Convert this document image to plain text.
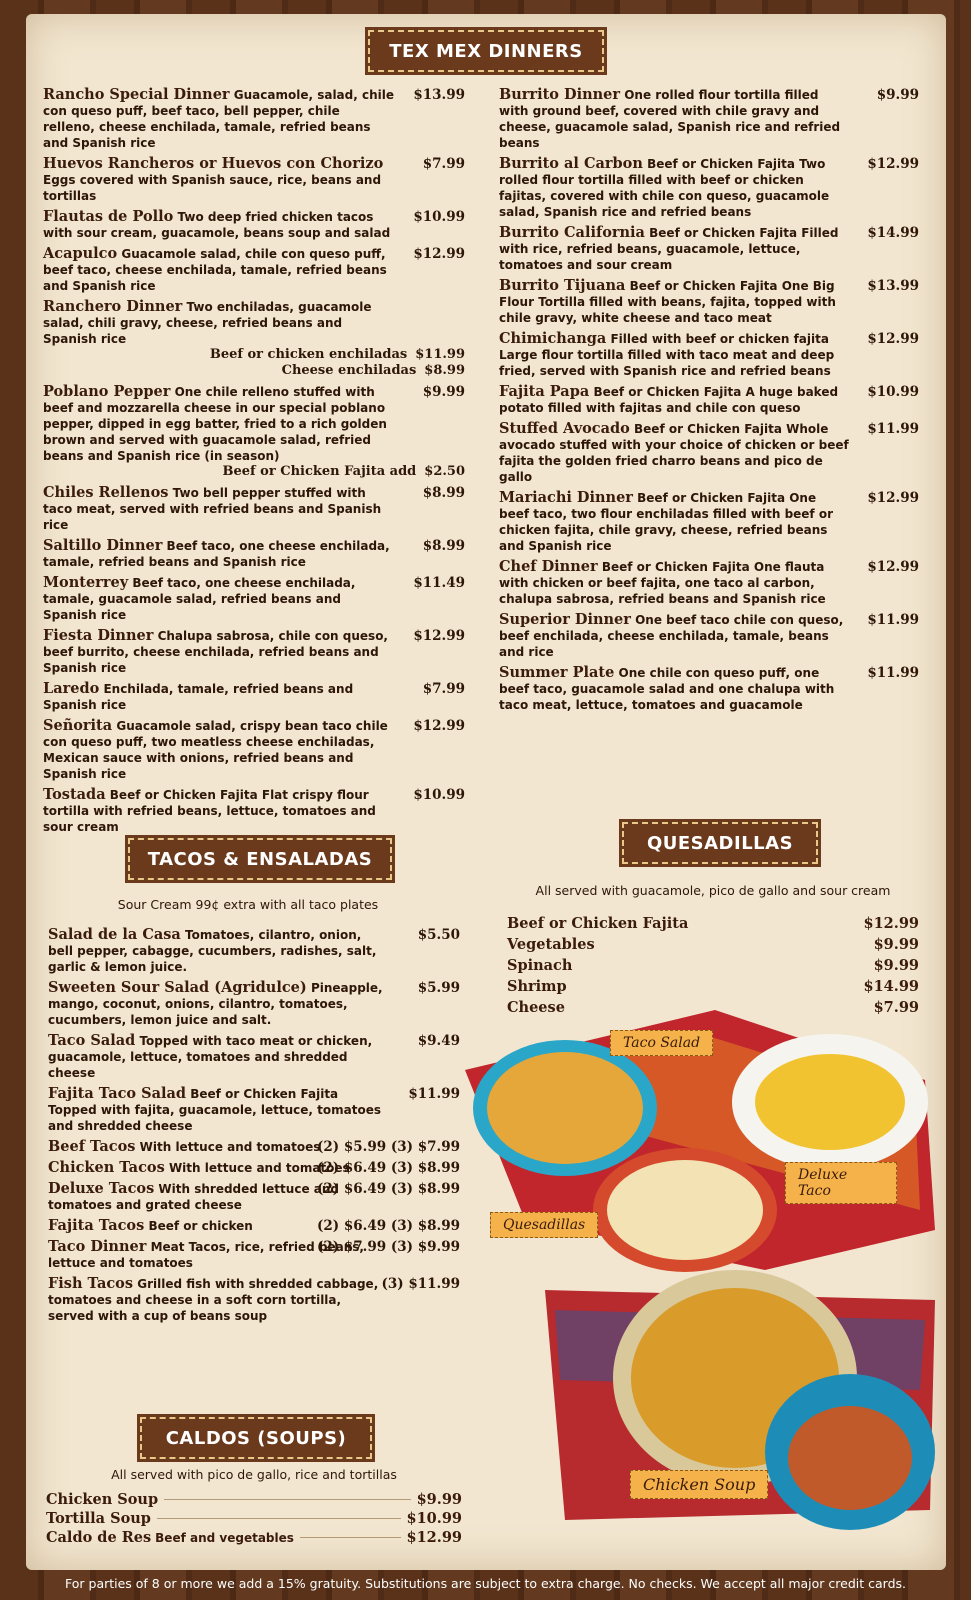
TEX MEX DINNERS
Rancho Special Dinner Guacamole, salad, chile con queso puff, beef taco, bell pepper, chile relleno, cheese enchilada, tamale, refried beans and Spanish rice
$13.99
Huevos Rancheros or Huevos con Chorizo Eggs covered with Spanish sauce, rice, beans and tortillas
$7.99
Flautas de Pollo Two deep fried chicken tacos with sour cream, guacamole, beans soup and salad
$10.99
Acapulco Guacamole salad, chile con queso puff, beef taco, cheese enchilada, tamale, refried beans and Spanish rice
$12.99
Ranchero Dinner Two enchiladas, guacamole salad, chili gravy, cheese, refried beans and Spanish rice
Beef or chicken enchiladas $11.99
Cheese enchiladas $8.99
Poblano Pepper One chile relleno stuffed with beef and mozzarella cheese in our special poblano pepper, dipped in egg batter, fried to a rich golden brown and served with guacamole salad, refried beans and Spanish rice (in season)
$9.99
Beef or Chicken Fajita add $2.50
Chiles Rellenos Two bell pepper stuffed with taco meat, served with refried beans and Spanish rice
$8.99
Saltillo Dinner Beef taco, one cheese enchilada, tamale, refried beans and Spanish rice
$8.99
Monterrey Beef taco, one cheese enchilada, tamale, guacamole salad, refried beans and Spanish rice
$11.49
Fiesta Dinner Chalupa sabrosa, chile con queso, beef burrito, cheese enchilada, refried beans and Spanish rice
$12.99
Laredo Enchilada, tamale, refried beans and Spanish rice
$7.99
Señorita Guacamole salad, crispy bean taco chile con queso puff, two meatless cheese enchiladas, Mexican sauce with onions, refried beans and Spanish rice
$12.99
Tostada Beef or Chicken Fajita Flat crispy flour tortilla with refried beans, lettuce, tomatoes and sour cream
$10.99
Burrito Dinner One rolled flour tortilla filled with ground beef, covered with chile gravy and cheese, guacamole salad, Spanish rice and refried beans
$9.99
Burrito al Carbon Beef or Chicken Fajita Two rolled flour tortilla filled with beef or chicken fajitas, covered with chile con queso, guacamole salad, Spanish rice and refried beans
$12.99
Burrito California Beef or Chicken Fajita Filled with rice, refried beans, guacamole, lettuce, tomatoes and sour cream
$14.99
Burrito Tijuana Beef or Chicken Fajita One Big Flour Tortilla filled with beans, fajita, topped with chile gravy, white cheese and taco meat
$13.99
Chimichanga Filled with beef or chicken fajita Large flour tortilla filled with taco meat and deep fried, served with Spanish rice and refried beans
$12.99
Fajita Papa Beef or Chicken Fajita A huge baked potato filled with fajitas and chile con queso
$10.99
Stuffed Avocado Beef or Chicken Fajita Whole avocado stuffed with your choice of chicken or beef fajita the golden fried charro beans and pico de gallo
$11.99
Mariachi Dinner Beef or Chicken Fajita One beef taco, two flour enchiladas filled with beef or chicken fajita, chile gravy, cheese, refried beans and Spanish rice
$12.99
Chef Dinner Beef or Chicken Fajita One flauta with chicken or beef fajita, one taco al carbon, chalupa sabrosa, refried beans and Spanish rice
$12.99
Superior Dinner One beef taco chile con queso, beef enchilada, cheese enchilada, tamale, beans and rice
$11.99
Summer Plate One chile con queso puff, one beef taco, guacamole salad and one chalupa with taco meat, lettuce, tomatoes and guacamole
$11.99
TACOS & ENSALADAS
Sour Cream 99¢ extra with all taco plates
Salad de la Casa Tomatoes, cilantro, onion, bell pepper, cabagge, cucumbers, radishes, salt, garlic & lemon juice.
$5.50
Sweeten Sour Salad (Agridulce) Pineapple, mango, coconut, onions, cilantro, tomatoes, cucumbers, lemon juice and salt.
$5.99
Taco Salad Topped with taco meat or chicken, guacamole, lettuce, tomatoes and shredded cheese
$9.49
Fajita Taco Salad Beef or Chicken Fajita Topped with fajita, guacamole, lettuce, tomatoes and shredded cheese
$11.99
Beef Tacos With lettuce and tomatoes
(2) $5.99 (3) $7.99
Chicken Tacos With lettuce and tomatoes
(2) $6.49 (3) $8.99
Deluxe Tacos With shredded lettuce and tomatoes and grated cheese
(2) $6.49 (3) $8.99
Fajita Tacos Beef or chicken	(2) $6.49 (3) $8.99
Taco Dinner Meat Tacos, rice, refried beans, lettuce and tomatoes
(2) $7.99 (3) $9.99
Fish Tacos Grilled fish with shredded cabbage, tomatoes and cheese in a soft corn tortilla, served with a cup of beans soup
(3) $11.99
QUESADILLAS
All served with guacamole, pico de gallo and sour cream
Beef or Chicken Fajita	$12.99
Vegetables	$9.99
Spinach	$9.99
Shrimp	$14.99
Cheese	$7.99
Taco Salad
Deluxe Taco
Quesadillas
Chicken Soup
CALDOS (SOUPS)
All served with pico de gallo, rice and tortillas
Chicken Soup	$9.99
Tortilla Soup	$10.99
Caldo de Res Beef and vegetables	$12.99
For parties of 8 or more we add a 15% gratuity. Substitutions are subject to extra charge. No checks. We accept all major credit cards.
